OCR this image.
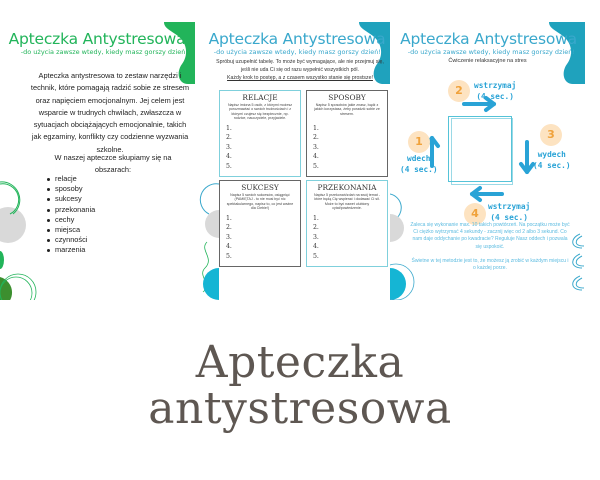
Apteczka Antystresowa
-do użycia zawsze wtedy, kiedy masz gorszy dzień!
Apteczka antystresowa to zestaw narzędzi i technik, które pomagają radzić sobie ze stresem oraz napięciem emocjonalnym. Jej celem jest wsparcie w trudnych chwilach, zwłaszcza w sytuacjach obciążających emocjonalnie, takich jak egzaminy, konflikty czy codzienne wyzwania szkolne.
W naszej apteczce skupiamy się na obszarach:
relacje
sposoby
sukcesy
przekonania
cechy
miejsca
czynności
marzenia
Apteczka Antystresowa
-do użycia zawsze wtedy, kiedy masz gorszy dzień!
Spróbuj uzupełnić tabelę. To może być wymagające, ale nie przejmuj się, jeśli nie uda Ci się od razu wypełnić wszystkich pól.
Każdy krok to postęp, a z czasem wszystko stanie się prostsze!
RELACJE
Napisz imiona 5 osób, z którymi możesz porozmawiać o swoich trudnościach i z którymi czujesz się bezpiecznie, np. rodzice, nauczyciele, przyjaciele.
1.
2.
3.
4.
5.
SPOSOBY
Napisz 5 sposobów jakie znasz, bądź z jakich korzystasz, żeby poradzić sobie ze stresem.
1.
2.
3.
4.
5.
SUKCESY
Napisz 5 swoich sukcesów, osiągnięć (PAMIĘTAJ - to nie musi być nic spektakularnego, napisz to, co jest ważne dla Ciebie!)
1.
2.
3.
4.
5.
PRZEKONANIA
Napisz 5 przekonań/zdań na swój temat - które będą Cię wspierać i dodawać Ci sił. Może to być nawet ulubiony cytat/powiedzenie.
1.
2.
3.
4.
5.
Apteczka Antystresowa
-do użycia zawsze wtedy, kiedy masz gorszy dzień!
Ćwiczenie relaksacyjne na stres
1
wdech
(4 sec.)
2	wstrzymaj
(4 sec.)
3
wydech
(4 sec.)
4
wstrzymaj
(4 sec.)
Zaleca się wykonanie max. 10 takich powtórzeń. Na początku może być Ci ciężko wytrzymać 4 sekundy - zacznij więc od 2 albo 3 sekund. Co nam daje oddychanie po kwadracie? Reguluje Nasz oddech i pozwala się uspokoić.

Świetne w tej metodzie jest to, że możesz ją zrobić w każdym miejscu i o każdej porze.
Apteczka
antystresowa
